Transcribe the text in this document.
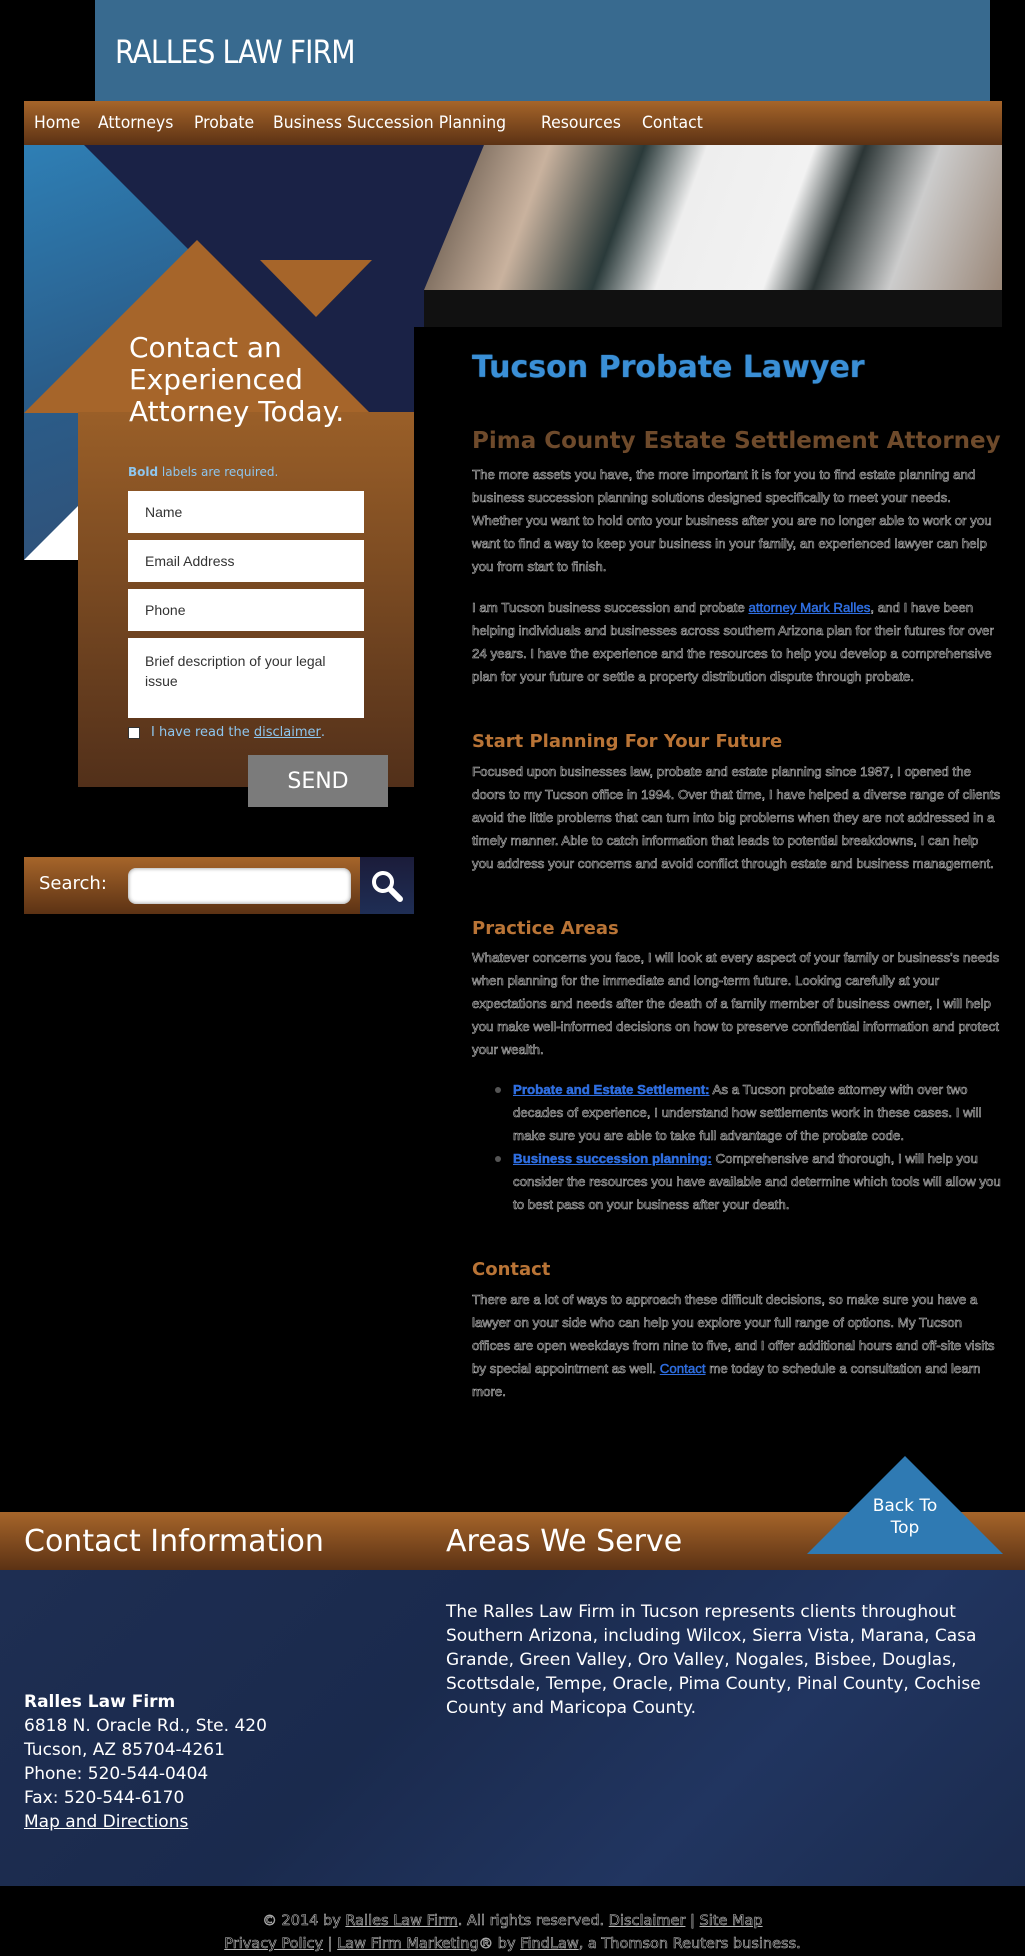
RALLES LAW FIRM
Home Attorneys Probate Business Succession Planning Resources Contact
Contact an Experienced Attorney Today.
Bold labels are required.
Name
Email Address
Phone
Brief description of your legal issue
I have read the
disclaimer .
SEND
Search:
Tucson Probate Lawyer
Pima County Estate Settlement Attorney

The more assets you have, the more important it is for you to find estate planning and business succession planning solutions designed specifically to meet your needs. Whether you want to hold onto your business after you are no longer able to work or you want to find a way to keep your business in your family, an experienced lawyer can help you from start to finish.

I am Tucson business succession and probate attorney Mark Ralles, and I have been helping individuals and businesses across southern Arizona plan for their futures for over 24 years. I have the experience and the resources to help you develop a comprehensive plan for your future or settle a property distribution dispute through probate.

Start Planning For Your Future

Focused upon businesses law, probate and estate planning since 1987, I opened the doors to my Tucson office in 1994. Over that time, I have helped a diverse range of clients avoid the little problems that can turn into big problems when they are not addressed in a timely manner. Able to catch information that leads to potential breakdowns, I can help you address your concerns and avoid conflict through estate and business management.

Practice Areas

Whatever concerns you face, I will look at every aspect of your family or business's needs when planning for the immediate and long-term future. Looking carefully at your expectations and needs after the death of a family member of business owner, I will help you make well-informed decisions on how to preserve confidential information and protect your wealth.

Probate and Estate Settlement: As a Tucson probate attorney with over two decades of experience, I understand how settlements work in these cases. I will make sure you are able to take full advantage of the probate code.
Business succession planning: Comprehensive and thorough, I will help you consider the resources you have available and determine which tools will allow you to best pass on your business after your death.
Contact

There are a lot of ways to approach these difficult decisions, so make sure you have a lawyer on your side who can help you explore your full range of options. My Tucson offices are open weekdays from nine to five, and I offer additional hours and off-site visits by special appointment as well. Contact me today to schedule a consultation and learn more.

Contact Information	Areas We Serve
Back To Top
Ralles Law Firm
6818 N. Oracle Rd., Ste. 420
Tucson, AZ 85704-4261
Phone: 520-544-0404
Fax: 520-544-6170
Map and Directions
The Ralles Law Firm in Tucson represents clients throughout Southern Arizona, including Wilcox, Sierra Vista, Marana, Casa Grande, Green Valley, Oro Valley, Nogales, Bisbee, Douglas, Scottsdale, Tempe, Oracle, Pima County, Pinal County, Cochise County and Maricopa County.
© 2014 by Ralles Law Firm. All rights reserved. Disclaimer | Site Map
Privacy Policy | Law Firm Marketing® by FindLaw, a Thomson Reuters business.
